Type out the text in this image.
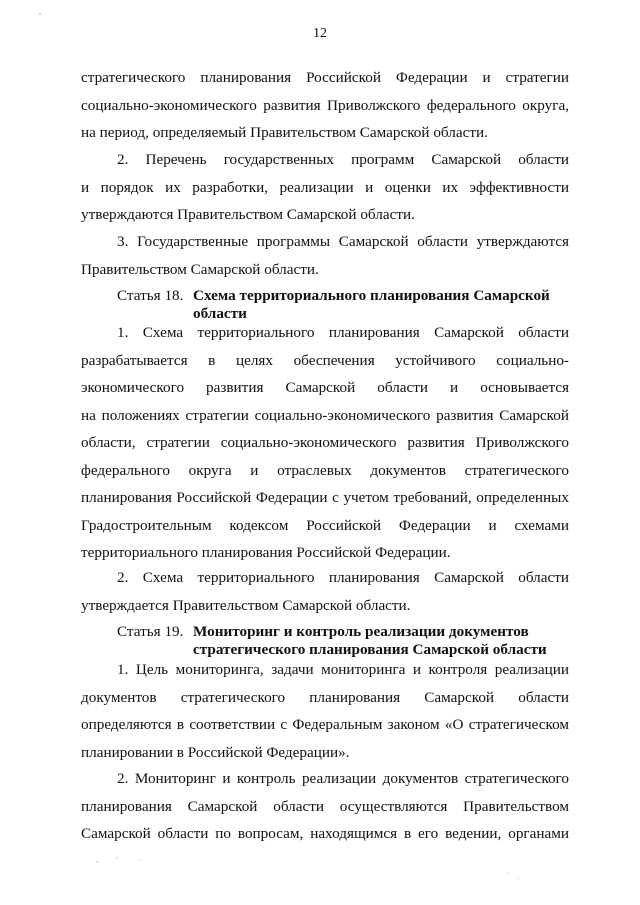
12
стратегического планирования Российской Федерации и стратегии
социально-экономического развития Приволжского федерального округа,
на период, определяемый Правительством Самарской области.
2. Перечень государственных программ Самарской области
и порядок их разработки, реализации и оценки их эффективности
утверждаются Правительством Самарской области.
3. Государственные программы Самарской области утверждаются
Правительством Самарской области.
Статья 18. Схема территориального планирования Самарской
области
1. Схема территориального планирования Самарской области
разрабатывается в целях обеспечения устойчивого социально-
экономического развития Самарской области и основывается
на положениях стратегии социально-экономического развития Самарской
области, стратегии социально-экономического развития Приволжского
федерального округа и отраслевых документов стратегического
планирования Российской Федерации с учетом требований, определенных
Градостроительным кодексом Российской Федерации и схемами
территориального планирования Российской Федерации.
2. Схема территориального планирования Самарской области
утверждается Правительством Самарской области.
Статья 19. Мониторинг и контроль реализации документов
стратегического планирования Самарской области
1. Цель мониторинга, задачи мониторинга и контроля реализации
документов стратегического планирования Самарской области
определяются в соответствии с Федеральным законом «О стратегическом
планировании в Российской Федерации».
2. Мониторинг и контроль реализации документов стратегического
планирования Самарской области осуществляются Правительством
Самарской области по вопросам, находящимся в его ведении, органами
